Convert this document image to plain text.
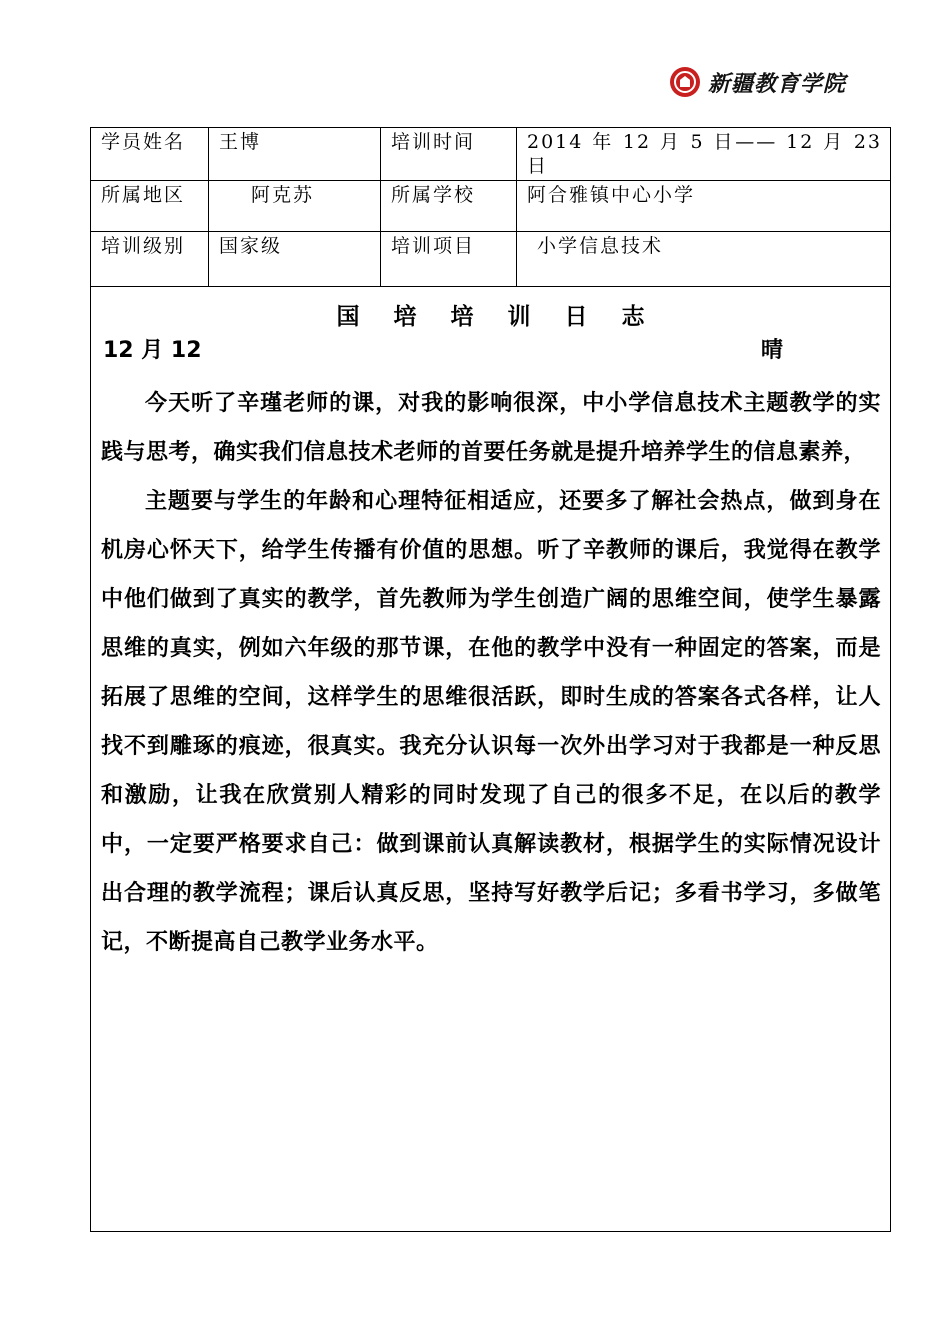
新疆教育学院
学员姓名	王博	培训时间	2014 年 12 月 5 日—— 12 月 23 日
所属地区	阿克苏	所属学校	阿合雅镇中心小学
培训级别	国家级	培训项目	小学信息技术

国 培 培 训 日 志
12 月 12 晴

今天听了辛瑾老师的课，对我的影响很深，中小学信息技术主题教学的实践与思考，确实我们信息技术老师的首要任务就是提升培养学生的信息素养，

主题要与学生的年龄和心理特征相适应，还要多了解社会热点，做到身在机房心怀天下，给学生传播有价值的思想。听了辛教师的课后，我觉得在教学中他们做到了真实的教学，首先教师为学生创造广阔的思维空间，使学生暴露思维的真实，例如六年级的那节课，在他的教学中没有一种固定的答案，而是拓展了思维的空间，这样学生的思维很活跃，即时生成的答案各式各样，让人找不到雕琢的痕迹，很真实。我充分认识每一次外出学习对于我都是一种反思和激励，让我在欣赏别人精彩的同时发现了自己的很多不足，在以后的教学中，一定要严格要求自己：做到课前认真解读教材，根据学生的实际情况设计出合理的教学流程；课后认真反思，坚持写好教学后记；多看书学习，多做笔记，不断提高自己教学业务水平。			
